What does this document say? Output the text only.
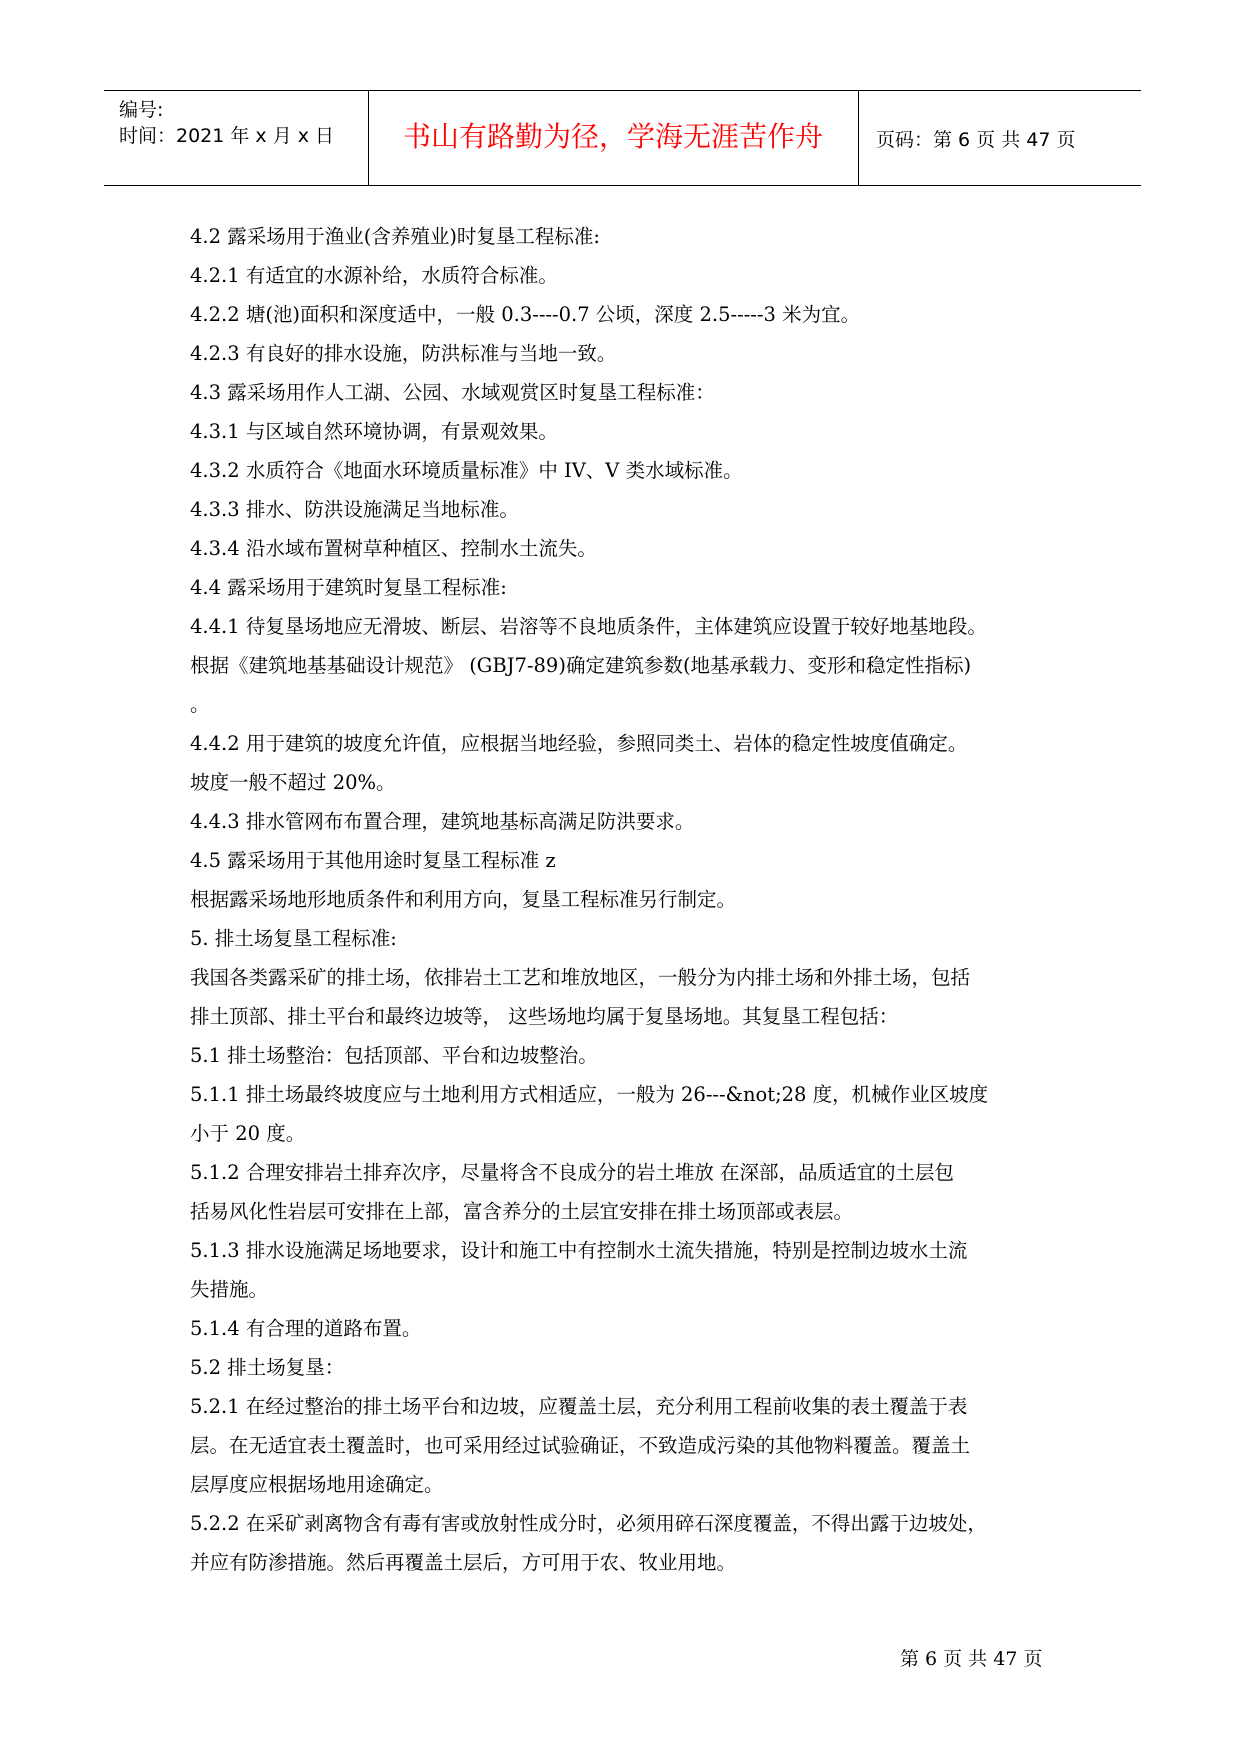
编号:
时间：2021 年 x 月 x 日	书山有路勤为径，学海无涯苦作舟	页码：第 6 页 共 47 页
4.2 露采场用于渔业(含养殖业)时复垦工程标准:
4.2.1 有适宜的水源补给，水质符合标准。
4.2.2 塘(池)面积和深度适中，一般 0.3----0.7 公顷，深度 2.5-----3 米为宜。
4.2.3 有良好的排水设施，防洪标准与当地一致。
4.3 露采场用作人工湖、公园、水域观赏区时复垦工程标准：
4.3.1 与区域自然环境协调，有景观效果。
4.3.2 水质符合《地面水环境质量标准》中 IV、V 类水域标准。
4.3.3 排水、防洪设施满足当地标准。
4.3.4 沿水域布置树草种植区、控制水土流失。
4.4 露采场用于建筑时复垦工程标准:
4.4.1 待复垦场地应无滑坡、断层、岩溶等不良地质条件，主体建筑应设置于较好地基地段。
根据《建筑地基基础设计规范》 (GBJ7-89)确定建筑参数(地基承载力、变形和稳定性指标)
。
4.4.2 用于建筑的坡度允许值，应根据当地经验，参照同类土、岩体的稳定性坡度值确定。
坡度一般不超过 20%。
4.4.3 排水管网布布置合理，建筑地基标高满足防洪要求。
4.5 露采场用于其他用途时复垦工程标准 z
根据露采场地形地质条件和利用方向，复垦工程标准另行制定。
5. 排土场复垦工程标准:
我国各类露采矿的排土场，依排岩土工艺和堆放地区，一般分为内排土场和外排土场，包括
排土顶部、排土平台和最终边坡等， 这些场地均属于复垦场地。其复垦工程包括：
5.1 排土场整治：包括顶部、平台和边坡整治。
5.1.1 排土场最终坡度应与土地利用方式相适应，一般为 26---&not;28 度，机械作业区坡度
小于 20 度。
5.1.2 合理安排岩土排弃次序，尽量将含不良成分的岩土堆放 在深部，品质适宜的土层包
括易风化性岩层可安排在上部，富含养分的土层宜安排在排土场顶部或表层。
5.1.3 排水设施满足场地要求，设计和施工中有控制水土流失措施，特别是控制边坡水土流
失措施。
5.1.4 有合理的道路布置。
5.2 排土场复垦：
5.2.1 在经过整治的排土场平台和边坡，应覆盖土层，充分利用工程前收集的表土覆盖于表
层。在无适宜表土覆盖时，也可采用经过试验确证，不致造成污染的其他物料覆盖。覆盖土
层厚度应根据场地用途确定。
5.2.2 在采矿剥离物含有毒有害或放射性成分时，必须用碎石深度覆盖，不得出露于边坡处，
并应有防渗措施。然后再覆盖土层后，方可用于农、牧业用地。
第 6 页 共 47 页
